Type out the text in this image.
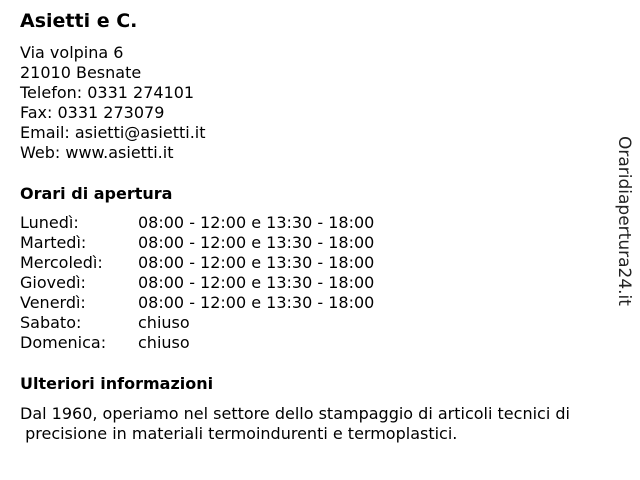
Asietti e C.
Via volpina 6
21010 Besnate
Telefon: 0331 274101
Fax: 0331 273079
Email: asietti@asietti.it
Web: www.asietti.it
Orari di apertura
Lunedì:	08:00 - 12:00 e 13:30 - 18:00
Martedì:	08:00 - 12:00 e 13:30 - 18:00
Mercoledì: 08:00 - 12:00 e 13:30 - 18:00
Giovedì:	08:00 - 12:00 e 13:30 - 18:00
Venerdì:	08:00 - 12:00 e 13:30 - 18:00
Sabato:	chiuso
Domenica: chiuso
Ulteriori informazioni
Dal 1960, operiamo nel settore dello stampaggio di articoli tecnici di
precisione in materiali termoindurenti e termoplastici.
Oraridiapertura24.it
